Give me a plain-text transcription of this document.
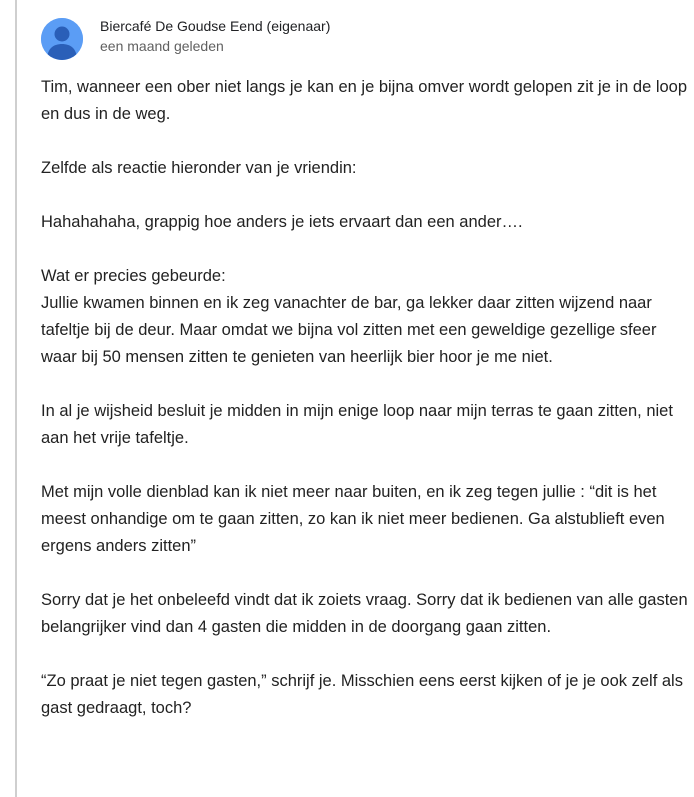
Biercafé De Goudse Eend (eigenaar)
een maand geleden

Tim, wanneer een ober niet langs je kan en je bijna omver wordt gelopen zit je in de loop en dus in de weg.

Zelfde als reactie hieronder van je vriendin:

Hahahahaha, grappig hoe anders je iets ervaart dan een ander….

Wat er precies gebeurde:
Jullie kwamen binnen en ik zeg vanachter de bar, ga lekker daar zitten wijzend naar tafeltje bij de deur. Maar omdat we bijna vol zitten met een geweldige gezellige sfeer waar bij 50 mensen zitten te genieten van heerlijk bier hoor je me niet.

In al je wijsheid besluit je midden in mijn enige loop naar mijn terras te gaan zitten, niet aan het vrije tafeltje.

Met mijn volle dienblad kan ik niet meer naar buiten, en ik zeg tegen jullie : “dit is het meest onhandige om te gaan zitten, zo kan ik niet meer bedienen. Ga alstublieft even ergens anders zitten”

Sorry dat je het onbeleefd vindt dat ik zoiets vraag. Sorry dat ik bedienen van alle gasten belangrijker vind dan 4 gasten die midden in de doorgang gaan zitten.

“Zo praat je niet tegen gasten,” schrijf je. Misschien eens eerst kijken of je je ook zelf als gast gedraagt, toch?
